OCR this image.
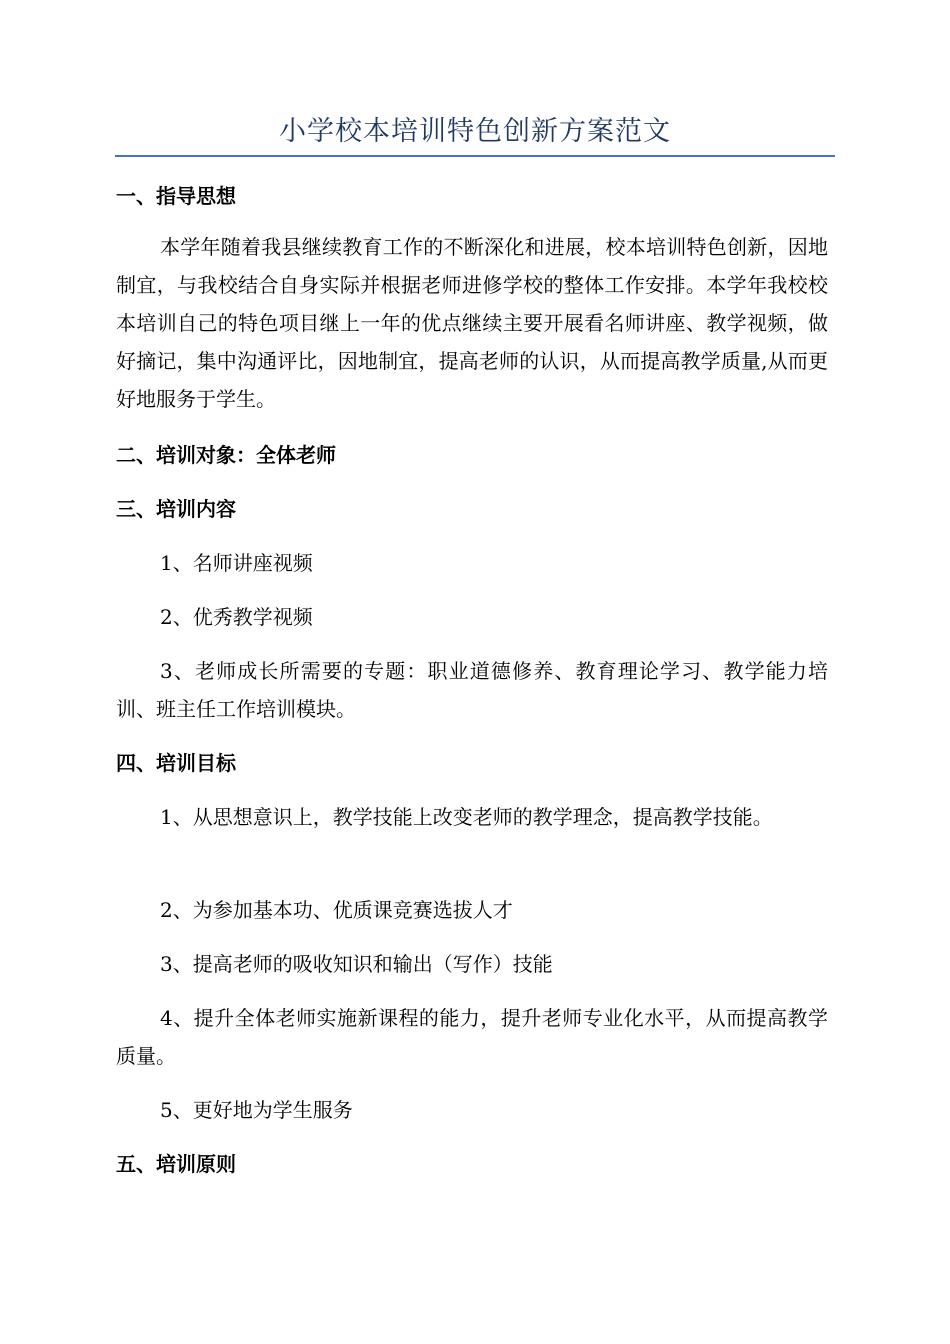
小学校本培训特色创新方案范文
一、指导思想
本学年随着我县继续教育工作的不断深化和进展，校本培训特色创新，因地制宜，与我校结合自身实际并根据老师进修学校的整体工作安排。本学年我校校本培训自己的特色项目继上一年的优点继续主要开展看名师讲座、教学视频，做好摘记，集中沟通评比，因地制宜，提高老师的认识，从而提高教学质量,从而更好地服务于学生。
二、培训对象：全体老师
三、培训内容
1、名师讲座视频
2、优秀教学视频
3、老师成长所需要的专题：职业道德修养、教育理论学习、教学能力培训、班主任工作培训模块。
四、培训目标
1、从思想意识上，教学技能上改变老师的教学理念，提高教学技能。
2、为参加基本功、优质课竞赛选拔人才
3、提高老师的吸收知识和输出（写作）技能
4、提升全体老师实施新课程的能力，提升老师专业化水平，从而提高教学质量。
5、更好地为学生服务
五、培训原则
